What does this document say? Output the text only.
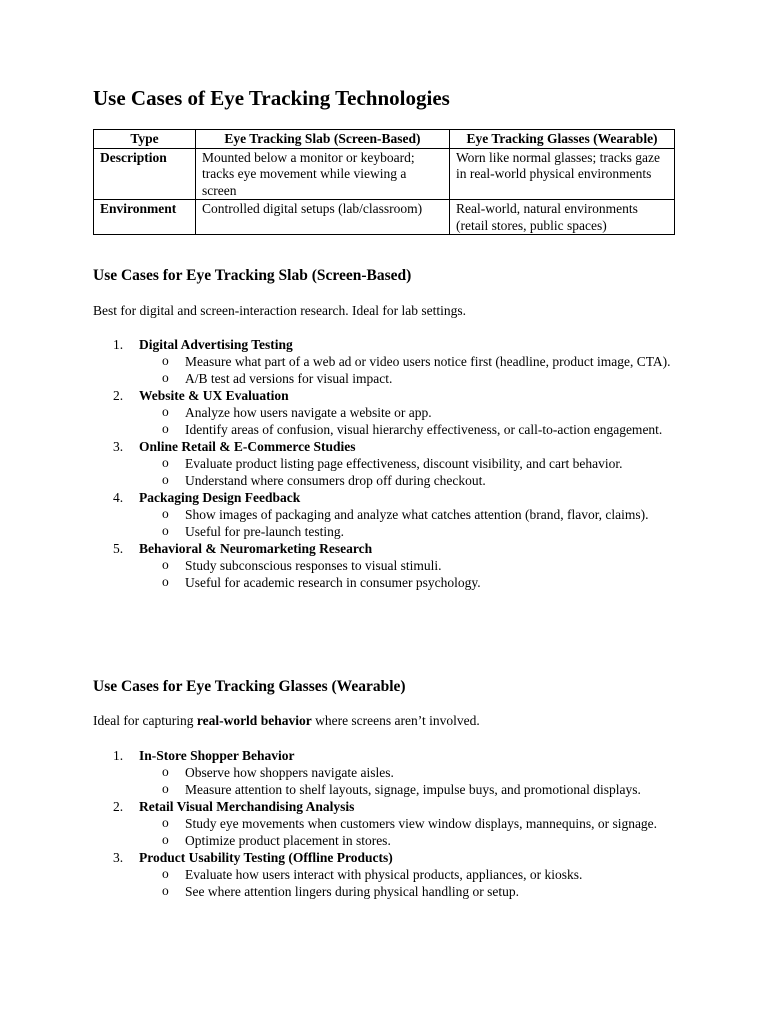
Use Cases of Eye Tracking Technologies
Type	Eye Tracking Slab (Screen-Based)	Eye Tracking Glasses (Wearable)
Description	Mounted below a monitor or keyboard; tracks eye movement while viewing a screen	Worn like normal glasses; tracks gaze in real-world physical environments
Environment	Controlled digital setups (lab/classroom)	Real-world, natural environments (retail stores, public spaces)
Use Cases for Eye Tracking Slab (Screen-Based)

Best for digital and screen-interaction research. Ideal for lab settings.

1. Digital Advertising Testing
o Measure what part of a web ad or video users notice first (headline, product image, CTA).
o A/B test ad versions for visual impact.
2. Website & UX Evaluation
o Analyze how users navigate a website or app.
o Identify areas of confusion, visual hierarchy effectiveness, or call-to-action engagement.
3. Online Retail & E-Commerce Studies
o Evaluate product listing page effectiveness, discount visibility, and cart behavior.
o Understand where consumers drop off during checkout.
4. Packaging Design Feedback
o Show images of packaging and analyze what catches attention (brand, flavor, claims).
o Useful for pre-launch testing.
5. Behavioral & Neuromarketing Research
o Study subconscious responses to visual stimuli.
o Useful for academic research in consumer psychology.
Use Cases for Eye Tracking Glasses (Wearable)

Ideal for capturing real-world behavior where screens aren’t involved.

1. In-Store Shopper Behavior
o Observe how shoppers navigate aisles.
o Measure attention to shelf layouts, signage, impulse buys, and promotional displays.
2. Retail Visual Merchandising Analysis
o Study eye movements when customers view window displays, mannequins, or signage.
o Optimize product placement in stores.
3. Product Usability Testing (Offline Products)
o Evaluate how users interact with physical products, appliances, or kiosks.
o See where attention lingers during physical handling or setup.
